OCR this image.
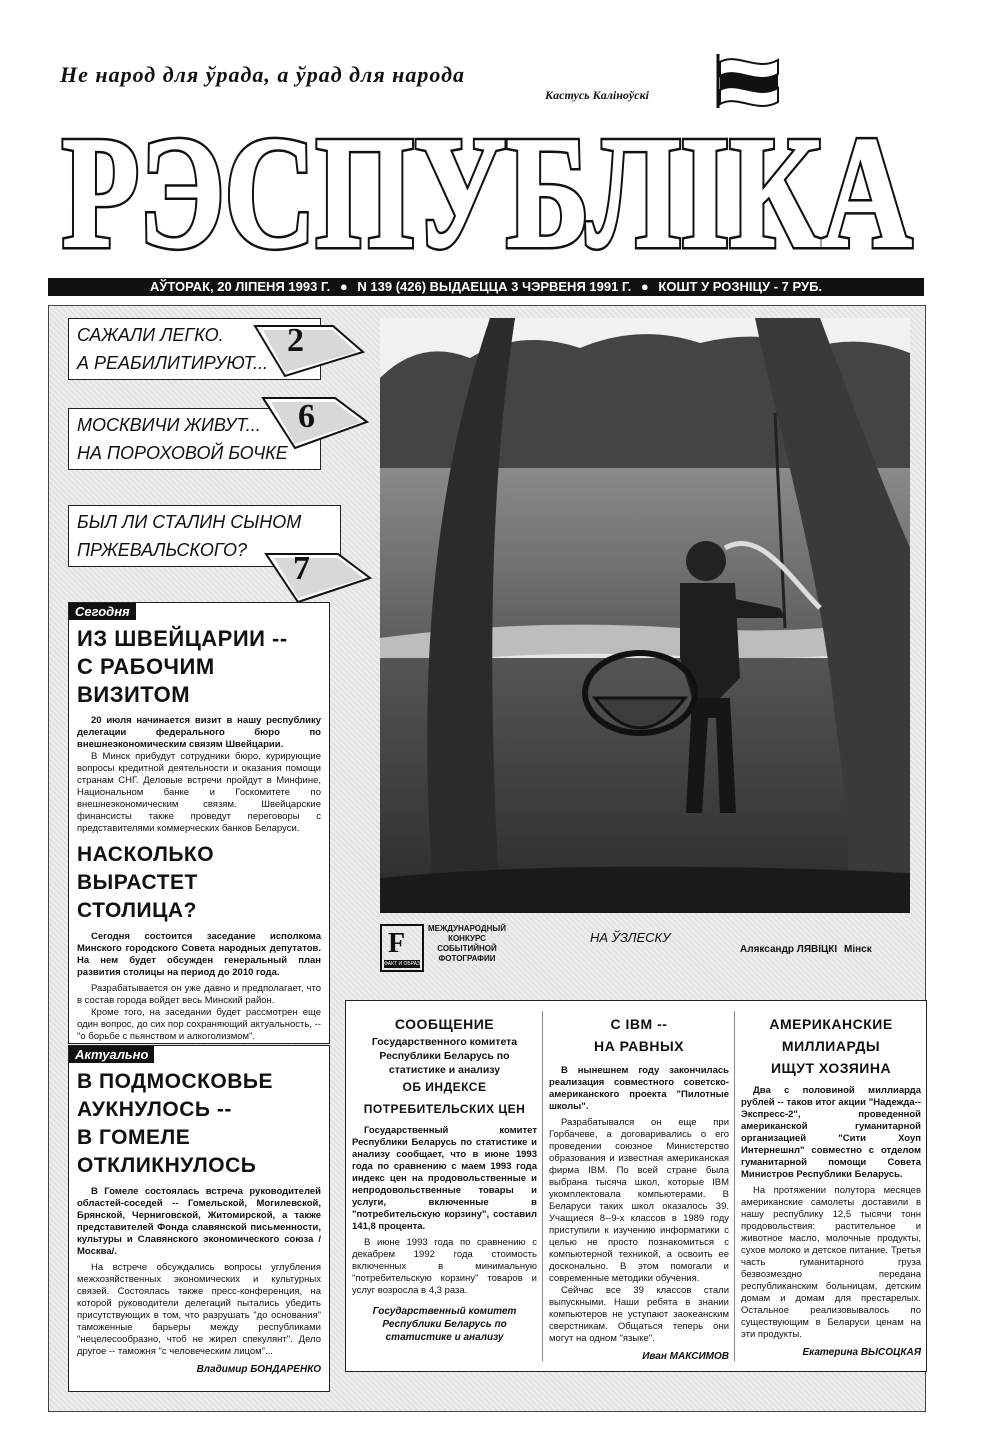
Не народ для ўрада, а ўрад для народа
Кастусь Каліноўскі
РЭСПУБЛІКА
РЭСПУБЛІКА
АЎТОРАК, 20 ЛІПЕНЯ 1993 Г. ● N 139 (426) ВЫДАЕЦЦА 3 ЧЭРВЕНЯ 1991 Г. ● КОШТ У РОЗНІЦУ - 7 РУБ.
САЖАЛИ ЛЕГКО.
А РЕАБИЛИТИРУЮТ...
2
МОСКВИЧИ ЖИВУТ...
НА ПОРОХОВОЙ БОЧКЕ
6
БЫЛ ЛИ СТАЛИН СЫНОМ
ПРЖЕВАЛЬСКОГО?	7
Сегодня
ИЗ ШВЕЙЦАРИИ --
С РАБОЧИМ ВИЗИТОМ
20 июля начинается визит в нашу республику делегации федерального бюро по внешнеэкономическим связям Швейцарии.
В Минск прибудут сотрудники бюро, курирующие вопросы кредитной деятельности и оказания помощи странам СНГ. Деловые встречи пройдут в Минфине, Национальном банке и Госкомитете по внешнеэкономическим связям. Швейцарские финансисты также проведут переговоры с представителями коммерческих банков Беларуси.
НАСКОЛЬКО
ВЫРАСТЕТ
СТОЛИЦА?
Сегодня состоится заседание исполкома Минского городского Совета народных депутатов. На нем будет обсужден генеральный план развития столицы на период до 2010 года.
Разрабатывается он уже давно и предполагает, что в состав города войдет весь Минский район.
Кроме того, на заседании будет рассмотрен еще один вопрос, до сих пор сохраняющий актуальность, -- "о борьбе с пьянством и алкоголизмом".
Актуально
В ПОДМОСКОВЬЕ
АУКНУЛОСЬ --
В ГОМЕЛЕ
ОТКЛИКНУЛОСЬ
В Гомеле состоялась встреча руководителей областей-соседей -- Гомельской, Могилевской, Брянской, Черниговской, Житомирской, а также представителей Фонда славянской письменности, культуры и Славянского экономического союза /Москва/.
На встрече обсуждались вопросы углубления межхозяйственных экономических и культурных связей. Состоялась также пресс-конференция, на которой руководители делегаций пытались убедить присутствующих в том, что разрушать "до основания" таможенные барьеры между республиками "нецелесообразно, чтоб не жирел спекулянт". Дело другое -- таможня "с человеческим лицом"...
Владимир БОНДАРЕНКО
F
ФАКТ И ОБРАЗ
МЕЖДУНАРОДНЫЙ
КОНКУРС
СОБЫТИЙНОЙ
ФОТОГРАФИИ
НА ЎЗЛЕСКУ
Аляксандр ЛЯВІЦКІ Мінск
СООБЩЕНИЕ
Государственного комитета Республики Беларусь по статистике и анализу
ОБ ИНДЕКСЕ
ПОТРЕБИТЕЛЬСКИХ ЦЕН
Государственный комитет Республики Беларусь по статистике и анализу сообщает, что в июне 1993 года по сравнению с маем 1993 года индекс цен на продовольственные и непродовольственные товары и услуги, включенные в "потребительскую корзину", составил 141,8 процента.
В июне 1993 года по сравнению с декабрем 1992 года стоимость включенных в минимальную "потребительскую корзину" товаров и услуг возросла в 4,3 раза.
Государственный комитет Республики Беларусь по статистике и анализу
С IBM --
НА РАВНЫХ
В нынешнем году закончилась реализация совместного советско-американского проекта "Пилотные школы".
Разрабатывался он еще при Горбачеве, а договаривались о его проведении союзное Министерство образования и известная американская фирма IBM. По всей стране была выбрана тысяча школ, которые IBM укомплектовала компьютерами. В Беларуси таких школ оказалось 39. Учащиеся 8--9-х классов в 1989 году приступили к изучению информатики с целью не просто познакомиться с компьютерной техникой, а освоить ее досконально. В этом помогали и современные методики обучения.
Сейчас все 39 классов стали выпускными. Наши ребята в знании компьютеров не уступают заокеанским сверстникам. Общаться теперь они могут на одном "языке".
Иван МАКСИМОВ
АМЕРИКАНСКИЕ
МИЛЛИАРДЫ
ИЩУТ ХОЗЯИНА
Два с половиной миллиарда рублей -- таков итог акции "Надежда--Экспресс-2", проведенной американской гуманитарной организацией "Сити Хоуп Интернешнл" совместно с отделом гуманитарной помощи Совета Министров Республики Беларусь.
На протяжении полутора месяцев американские самолеты доставили в нашу республику 12,5 тысячи тонн продовольствия: растительное и животное масло, молочные продукты, сухое молоко и детское питание. Третья часть гуманитарного груза безвозмездно передана республиканским больницам, детским домам и домам для престарелых. Остальное реализовывалось по существующим в Беларуси ценам на эти продукты.
Екатерина ВЫСОЦКАЯ
